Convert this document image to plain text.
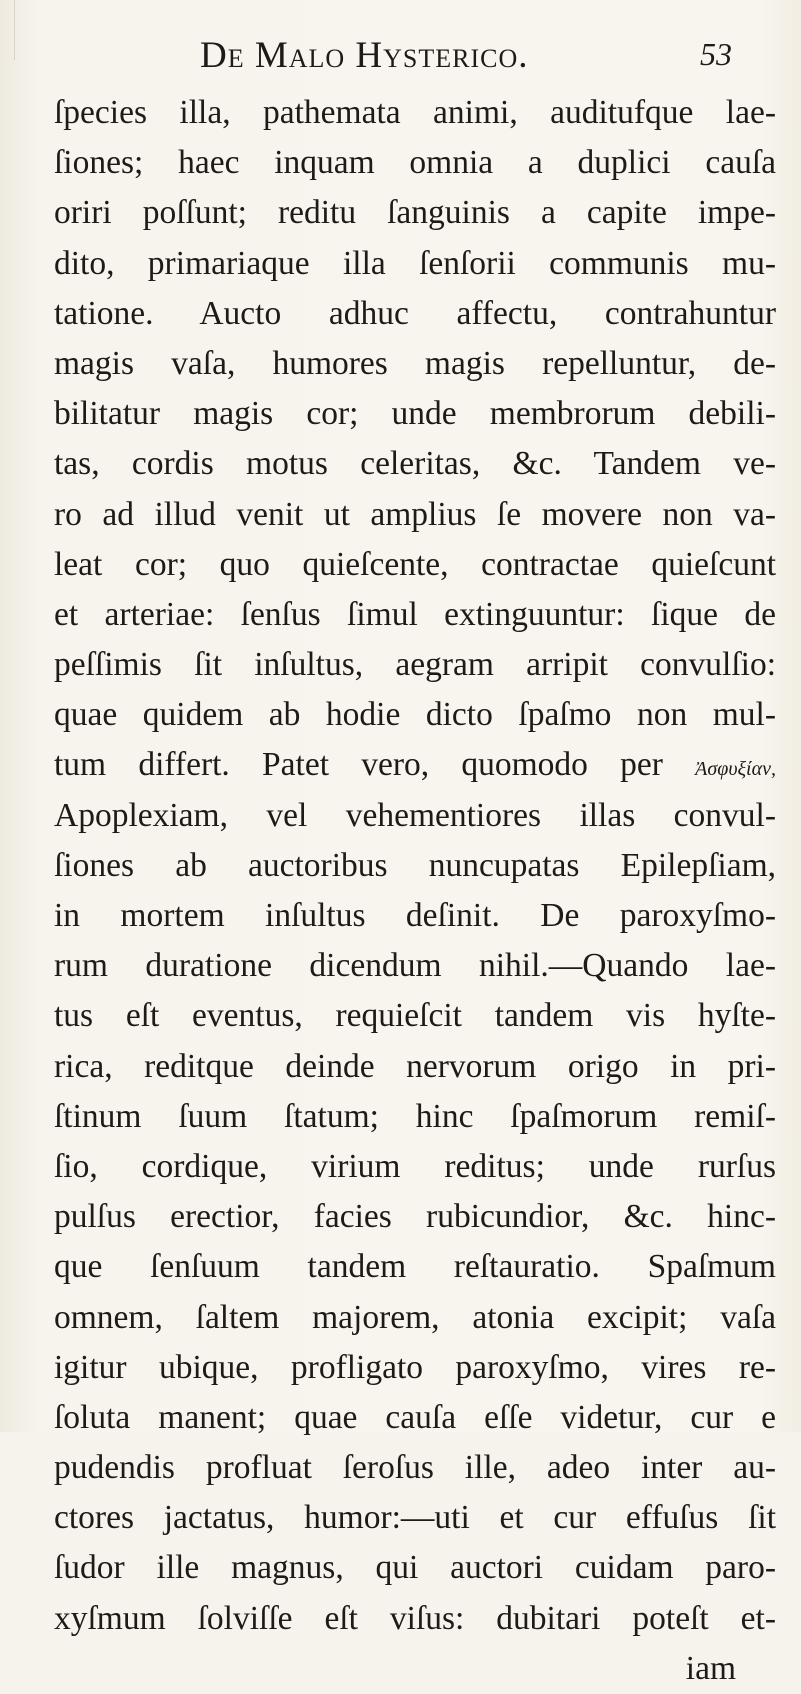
De Malo Hysterico.	53
ſpecies illa, pathemata animi, auditufque lae-
ſiones; haec inquam omnia a duplici cauſa
oriri poſſunt; reditu ſanguinis a capite impe-
dito, primariaque illa ſenſorii communis mu-
tatione. Aucto adhuc affectu, contrahuntur
magis vaſa, humores magis repelluntur, de-
bilitatur magis cor; unde membrorum debili-
tas, cordis motus celeritas, &c. Tandem ve-
ro ad illud venit ut amplius ſe movere non va-
leat cor; quo quieſcente, contractae quieſcunt
et arteriae: ſenſus ſimul extinguuntur: ſique de
peſſimis ſit inſultus, aegram arripit convulſio:
quae quidem ab hodie dicto ſpaſmo non mul-
tum differt. Patet vero, quomodo per Ἀσφυξίαν,
Apoplexiam, vel vehementiores illas convul-
ſiones ab auctoribus nuncupatas Epilepſiam,
in mortem inſultus deſinit. De paroxyſmo-
rum duratione dicendum nihil.—Quando lae-
tus eſt eventus, requieſcit tandem vis hyſte-
rica, reditque deinde nervorum origo in pri-
ſtinum ſuum ſtatum; hinc ſpaſmorum remiſ-
ſio, cordique, virium reditus; unde rurſus
pulſus erectior, facies rubicundior, &c. hinc-
que ſenſuum tandem reſtauratio. Spaſmum
omnem, ſaltem majorem, atonia excipit; vaſa
igitur ubique, profligato paroxyſmo, vires re-
ſoluta manent; quae cauſa eſſe videtur, cur e
pudendis profluat ſeroſus ille, adeo inter au-
ctores jactatus, humor:—uti et cur effuſus ſit
ſudor ille magnus, qui auctori cuidam paro-
xyſmum ſolviſſe eſt viſus: dubitari poteſt et-
iam
